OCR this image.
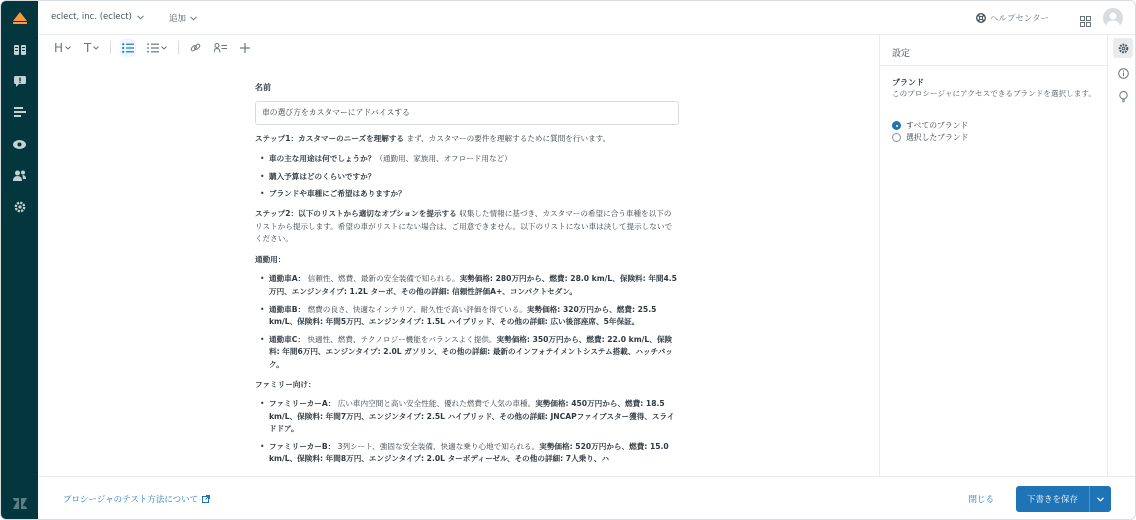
eclect, inc. (eclect)	追加	ヘルプセンター
H T
名前
車の選び方をカスタマーにアドバイスする

ステップ1：カスタマーのニーズを理解する まず、カスタマーの要件を理解するために質問を行います。

• 車の主な用途は何でしょうか？（通勤用、家族用、オフロード用など）
• 購入予算はどのくらいですか？
• ブランドや車種にご希望はありますか？

ステップ2：以下のリストから適切なオプションを提示する 収集した情報に基づき、カスタマーの希望に合う車種を以下のリストから提示します。希望の車がリストにない場合は、ご用意できません。以下のリストにない車は決して提示しないでください。

通勤用：
• 通勤車A： 信頼性、燃費、最新の安全装備で知られる。実勢価格: 280万円から、燃費: 28.0 km/L、保険料: 年間4.5万円、エンジンタイプ: 1.2L ターボ、その他の詳細: 信頼性評価A+、コンパクトセダン。
• 通勤車B： 燃費の良さ、快適なインテリア、耐久性で高い評価を得ている。実勢価格: 320万円から、燃費: 25.5 km/L、保険料: 年間5万円、エンジンタイプ: 1.5L ハイブリッド、その他の詳細: 広い後部座席、5年保証。
• 通勤車C： 快適性、燃費、テクノロジー機能をバランスよく提供。実勢価格: 350万円から、燃費: 22.0 km/L、保険料: 年間6万円、エンジンタイプ: 2.0L ガソリン、その他の詳細: 最新のインフォテイメントシステム搭載、ハッチバック。
ファミリー向け：
• ファミリーカーA： 広い車内空間と高い安全性能、優れた燃費で人気の車種。実勢価格: 450万円から、燃費: 18.5 km/L、保険料: 年間7万円、エンジンタイプ: 2.5L ハイブリッド、その他の詳細: JNCAPファイブスター獲得、スライドドア。
• ファミリーカーB： 3列シート、強固な安全装備、快適な乗り心地で知られる。実勢価格: 520万円から、燃費: 15.0 km/L、保険料: 年間8万円、エンジンタイプ: 2.0L ターボディーゼル、その他の詳細: 7人乗り、ハ
設定
ブランド
このプロシージャにアクセスできるブランドを選択します。
すべてのブランド
選択したブランド
プロシージャのテスト方法について	閉じる	下書きを保存
